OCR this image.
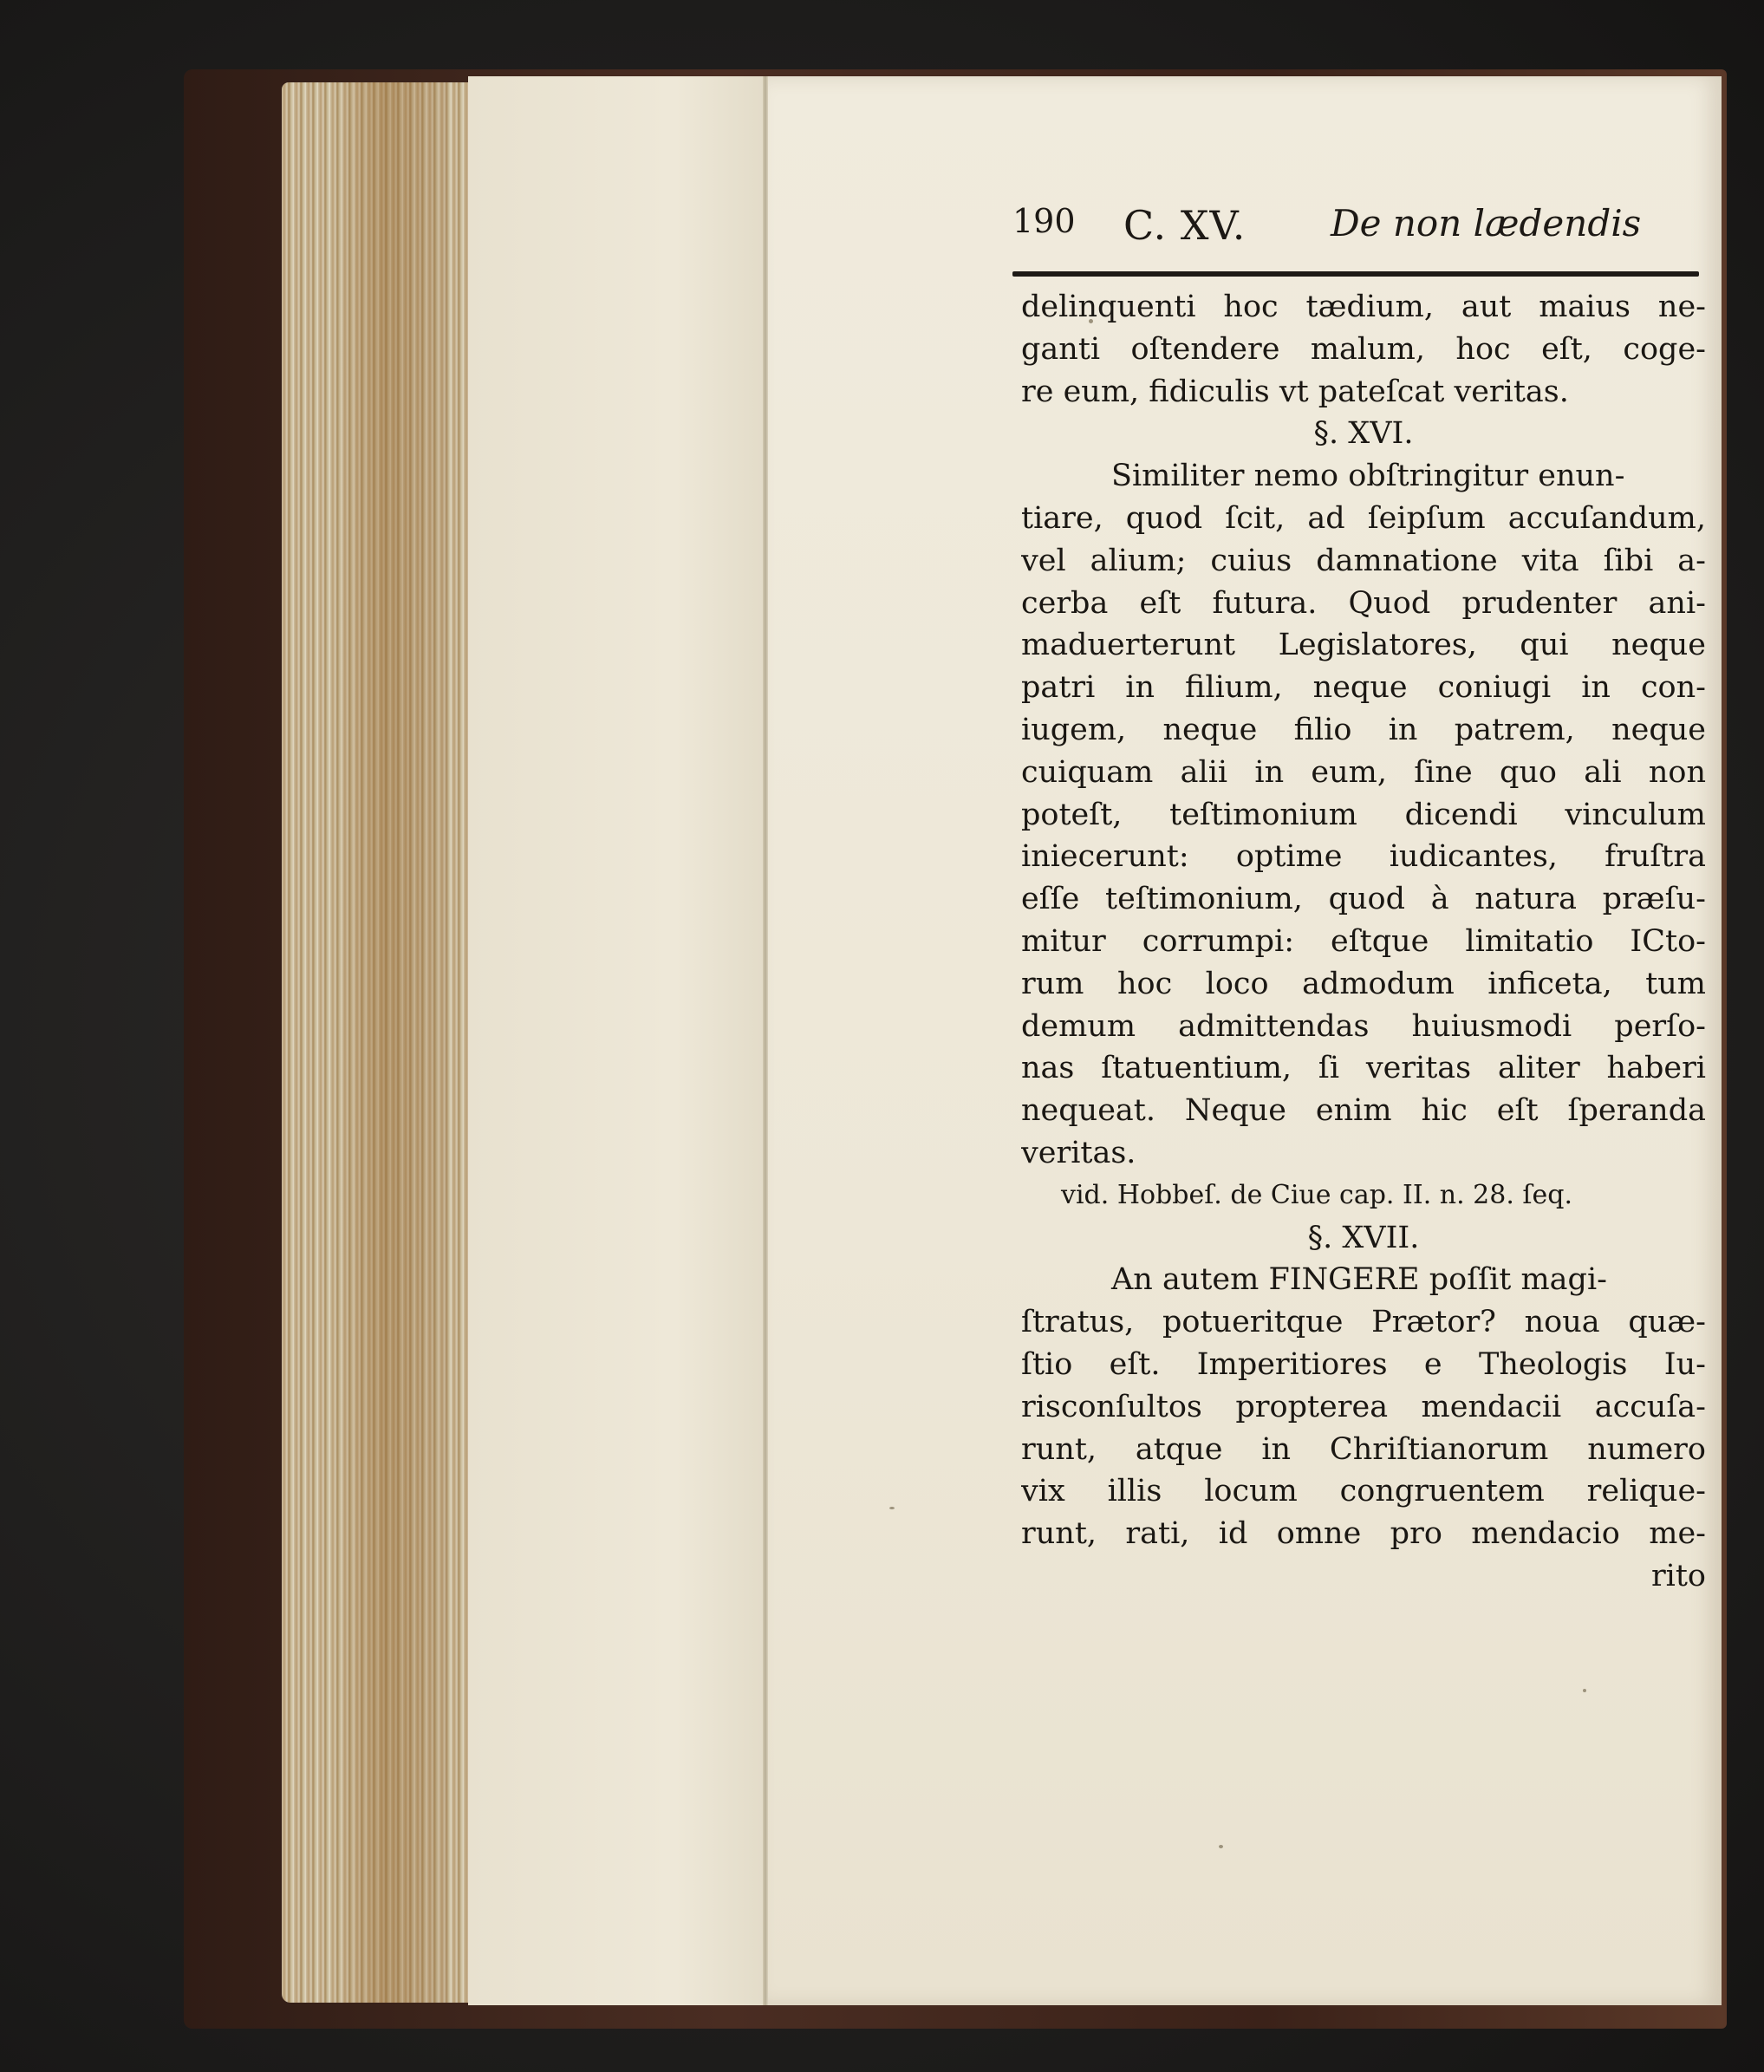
190 C. XV. De non lædendis
delinquenti hoc tædium, aut maius ne-
ganti oſtendere malum, hoc eſt, coge-
re eum, fidiculis vt pateſcat veritas.
§. XVI.
Similiter nemo obſtringitur enun-
tiare, quod ſcit, ad ſeipſum accuſandum,
vel alium; cuius damnatione vita ſibi a-
cerba eſt futura. Quod prudenter ani-
maduerterunt Legislatores, qui neque
patri in filium, neque coniugi in con-
iugem, neque filio in patrem, neque
cuiquam alii in eum, ſine quo ali non
poteſt, teſtimonium dicendi vinculum
iniecerunt: optime iudicantes, fruſtra
eſſe teſtimonium, quod à natura præſu-
mitur corrumpi: eſtque limitatio ICto-
rum hoc loco admodum inficeta, tum
demum admittendas huiusmodi perſo-
nas ſtatuentium, ſi veritas aliter haberi
nequeat. Neque enim hic eſt ſperanda
veritas.
vid. Hobbeſ. de Ciue cap. II. n. 28. ſeq.
§. XVII.
An autem FINGERE poſſit magi-
ſtratus, potueritque Prætor? noua quæ-
ſtio eſt. Imperitiores e Theologis Iu-
risconſultos propterea mendacii accuſa-
runt, atque in Chriſtianorum numero
vix illis locum congruentem relique-
runt, rati, id omne pro mendacio me-
rito
